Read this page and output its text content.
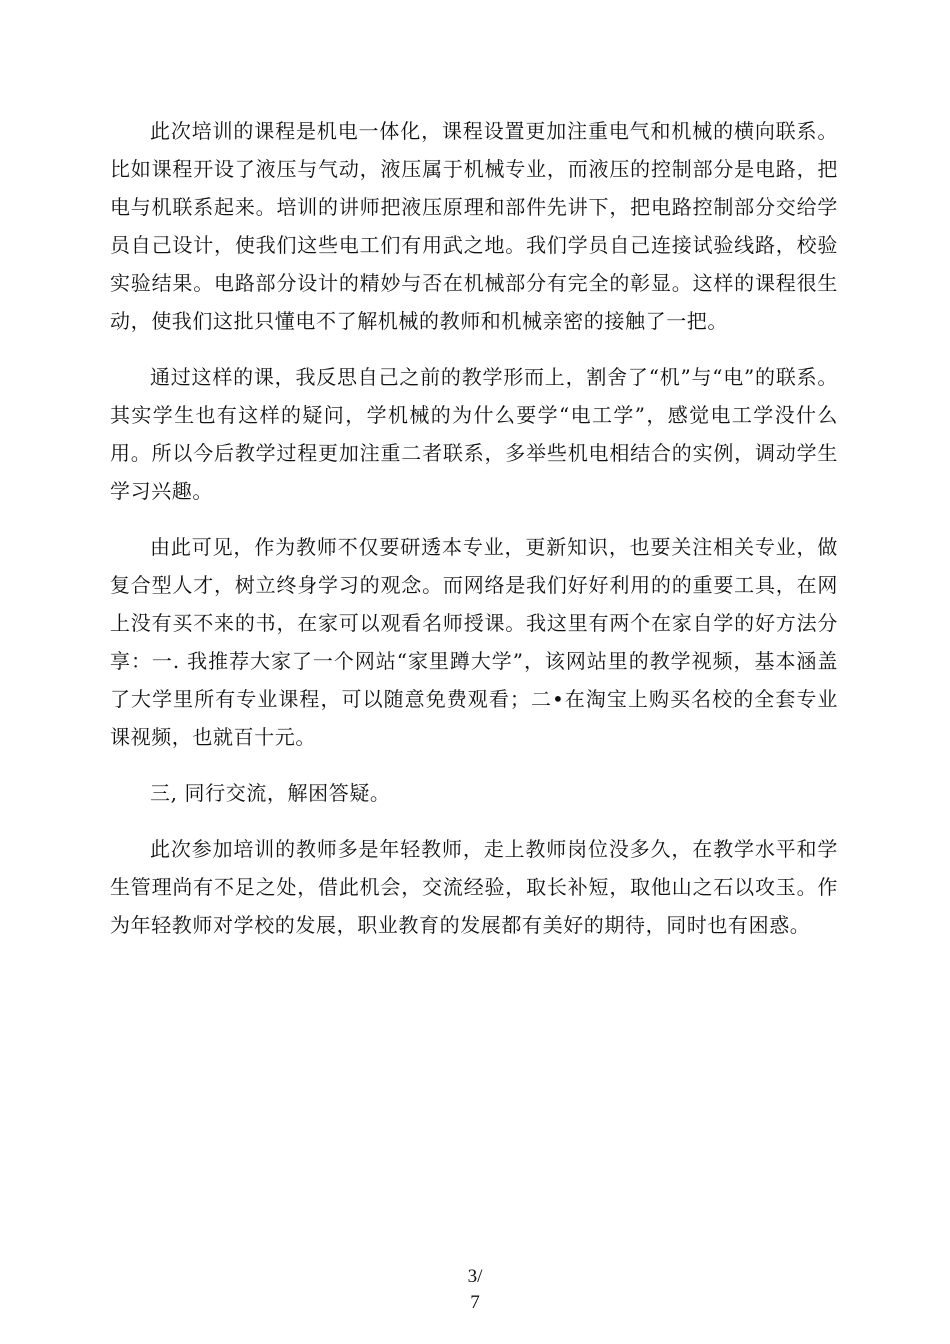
此次培训的课程是机电一体化，课程设置更加注重电气和机械的横向联系。比如课程开设了液压与气动，液压属于机械专业，而液压的控制部分是电路，把电与机联系起来。培训的讲师把液压原理和部件先讲下，把电路控制部分交给学员自己设计，使我们这些电工们有用武之地。我们学员自己连接试验线路，校验实验结果。电路部分设计的精妙与否在机械部分有完全的彰显。这样的课程很生动，使我们这批只懂电不了解机械的教师和机械亲密的接触了一把。

通过这样的课，我反思自己之前的教学形而上，割舍了“机”与“电”的联系。其实学生也有这样的疑问，学机械的为什么要学“电工学”，感觉电工学没什么用。所以今后教学过程更加注重二者联系，多举些机电相结合的实例，调动学生学习兴趣。

由此可见，作为教师不仅要研透本专业，更新知识，也要关注相关专业，做复合型人才，树立终身学习的观念。而网络是我们好好利用的的重要工具，在网上没有买不来的书，在家可以观看名师授课。我这里有两个在家自学的好方法分享：一. 我推荐大家了一个网站“家里蹲大学”，该网站里的教学视频，基本涵盖了大学里所有专业课程，可以随意免费观看；二•在淘宝上购买名校的全套专业课视频，也就百十元。

三, 同行交流，解困答疑。

此次参加培训的教师多是年轻教师，走上教师岗位没多久，在教学水平和学生管理尚有不足之处，借此机会，交流经验，取长补短，取他山之石以攻玉。作为年轻教师对学校的发展，职业教育的发展都有美好的期待，同时也有困惑。

3/
7
